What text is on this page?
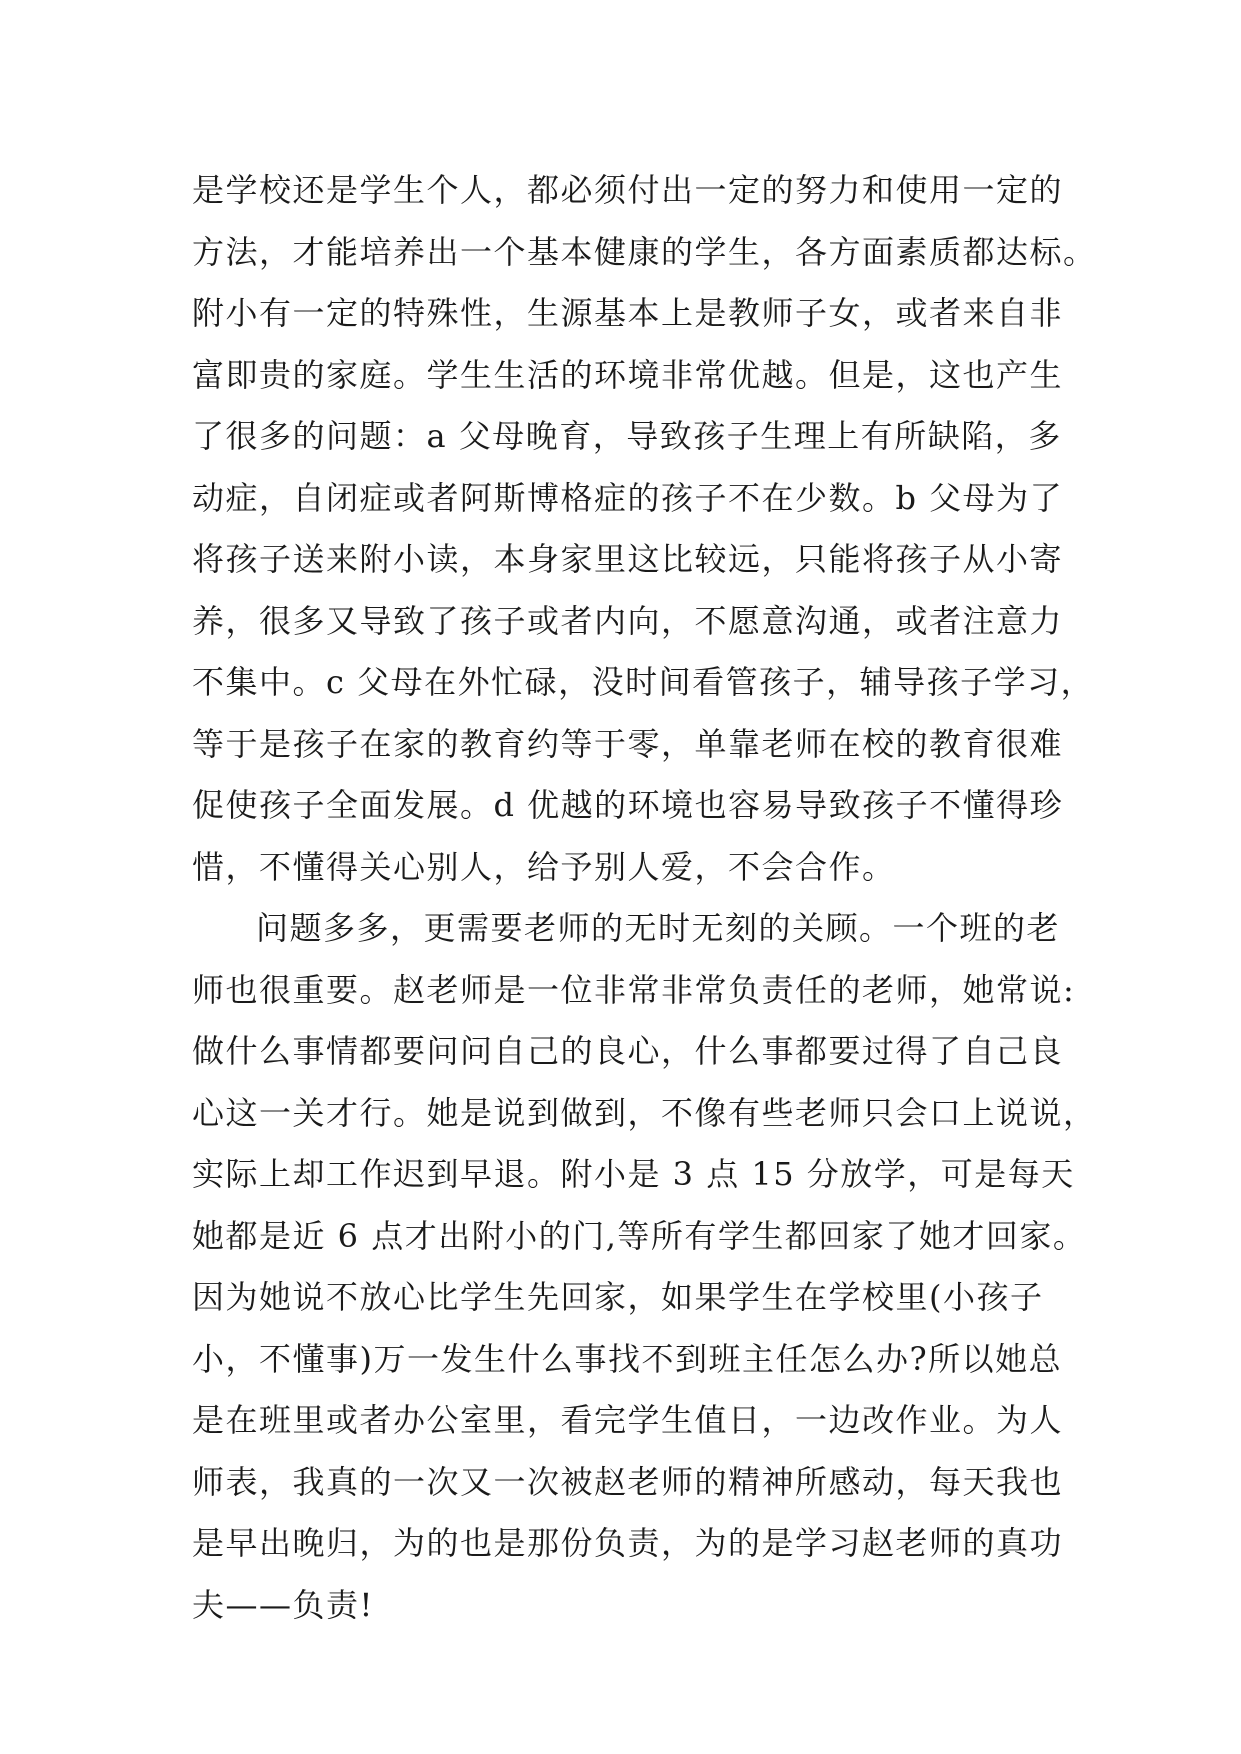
是学校还是学生个人，都必须付出一定的努力和使用一定的
方法，才能培养出一个基本健康的学生，各方面素质都达标。
附小有一定的特殊性，生源基本上是教师子女，或者来自非
富即贵的家庭。学生生活的环境非常优越。但是，这也产生
了很多的问题：a 父母晚育，导致孩子生理上有所缺陷，多
动症，自闭症或者阿斯博格症的孩子不在少数。b 父母为了
将孩子送来附小读，本身家里这比较远，只能将孩子从小寄
养，很多又导致了孩子或者内向，不愿意沟通，或者注意力
不集中。c 父母在外忙碌，没时间看管孩子，辅导孩子学习，
等于是孩子在家的教育约等于零，单靠老师在校的教育很难
促使孩子全面发展。d 优越的环境也容易导致孩子不懂得珍
惜，不懂得关心别人，给予别人爱，不会合作。
问题多多，更需要老师的无时无刻的关顾。一个班的老
师也很重要。赵老师是一位非常非常负责任的老师，她常说:
做什么事情都要问问自己的良心，什么事都要过得了自己良
心这一关才行。她是说到做到，不像有些老师只会口上说说，
实际上却工作迟到早退。附小是 3 点 15 分放学，可是每天
她都是近 6 点才出附小的门,等所有学生都回家了她才回家。
因为她说不放心比学生先回家，如果学生在学校里(小孩子
小，不懂事)万一发生什么事找不到班主任怎么办?所以她总
是在班里或者办公室里，看完学生值日，一边改作业。为人
师表，我真的一次又一次被赵老师的精神所感动，每天我也
是早出晚归，为的也是那份负责，为的是学习赵老师的真功
夫——负责!
